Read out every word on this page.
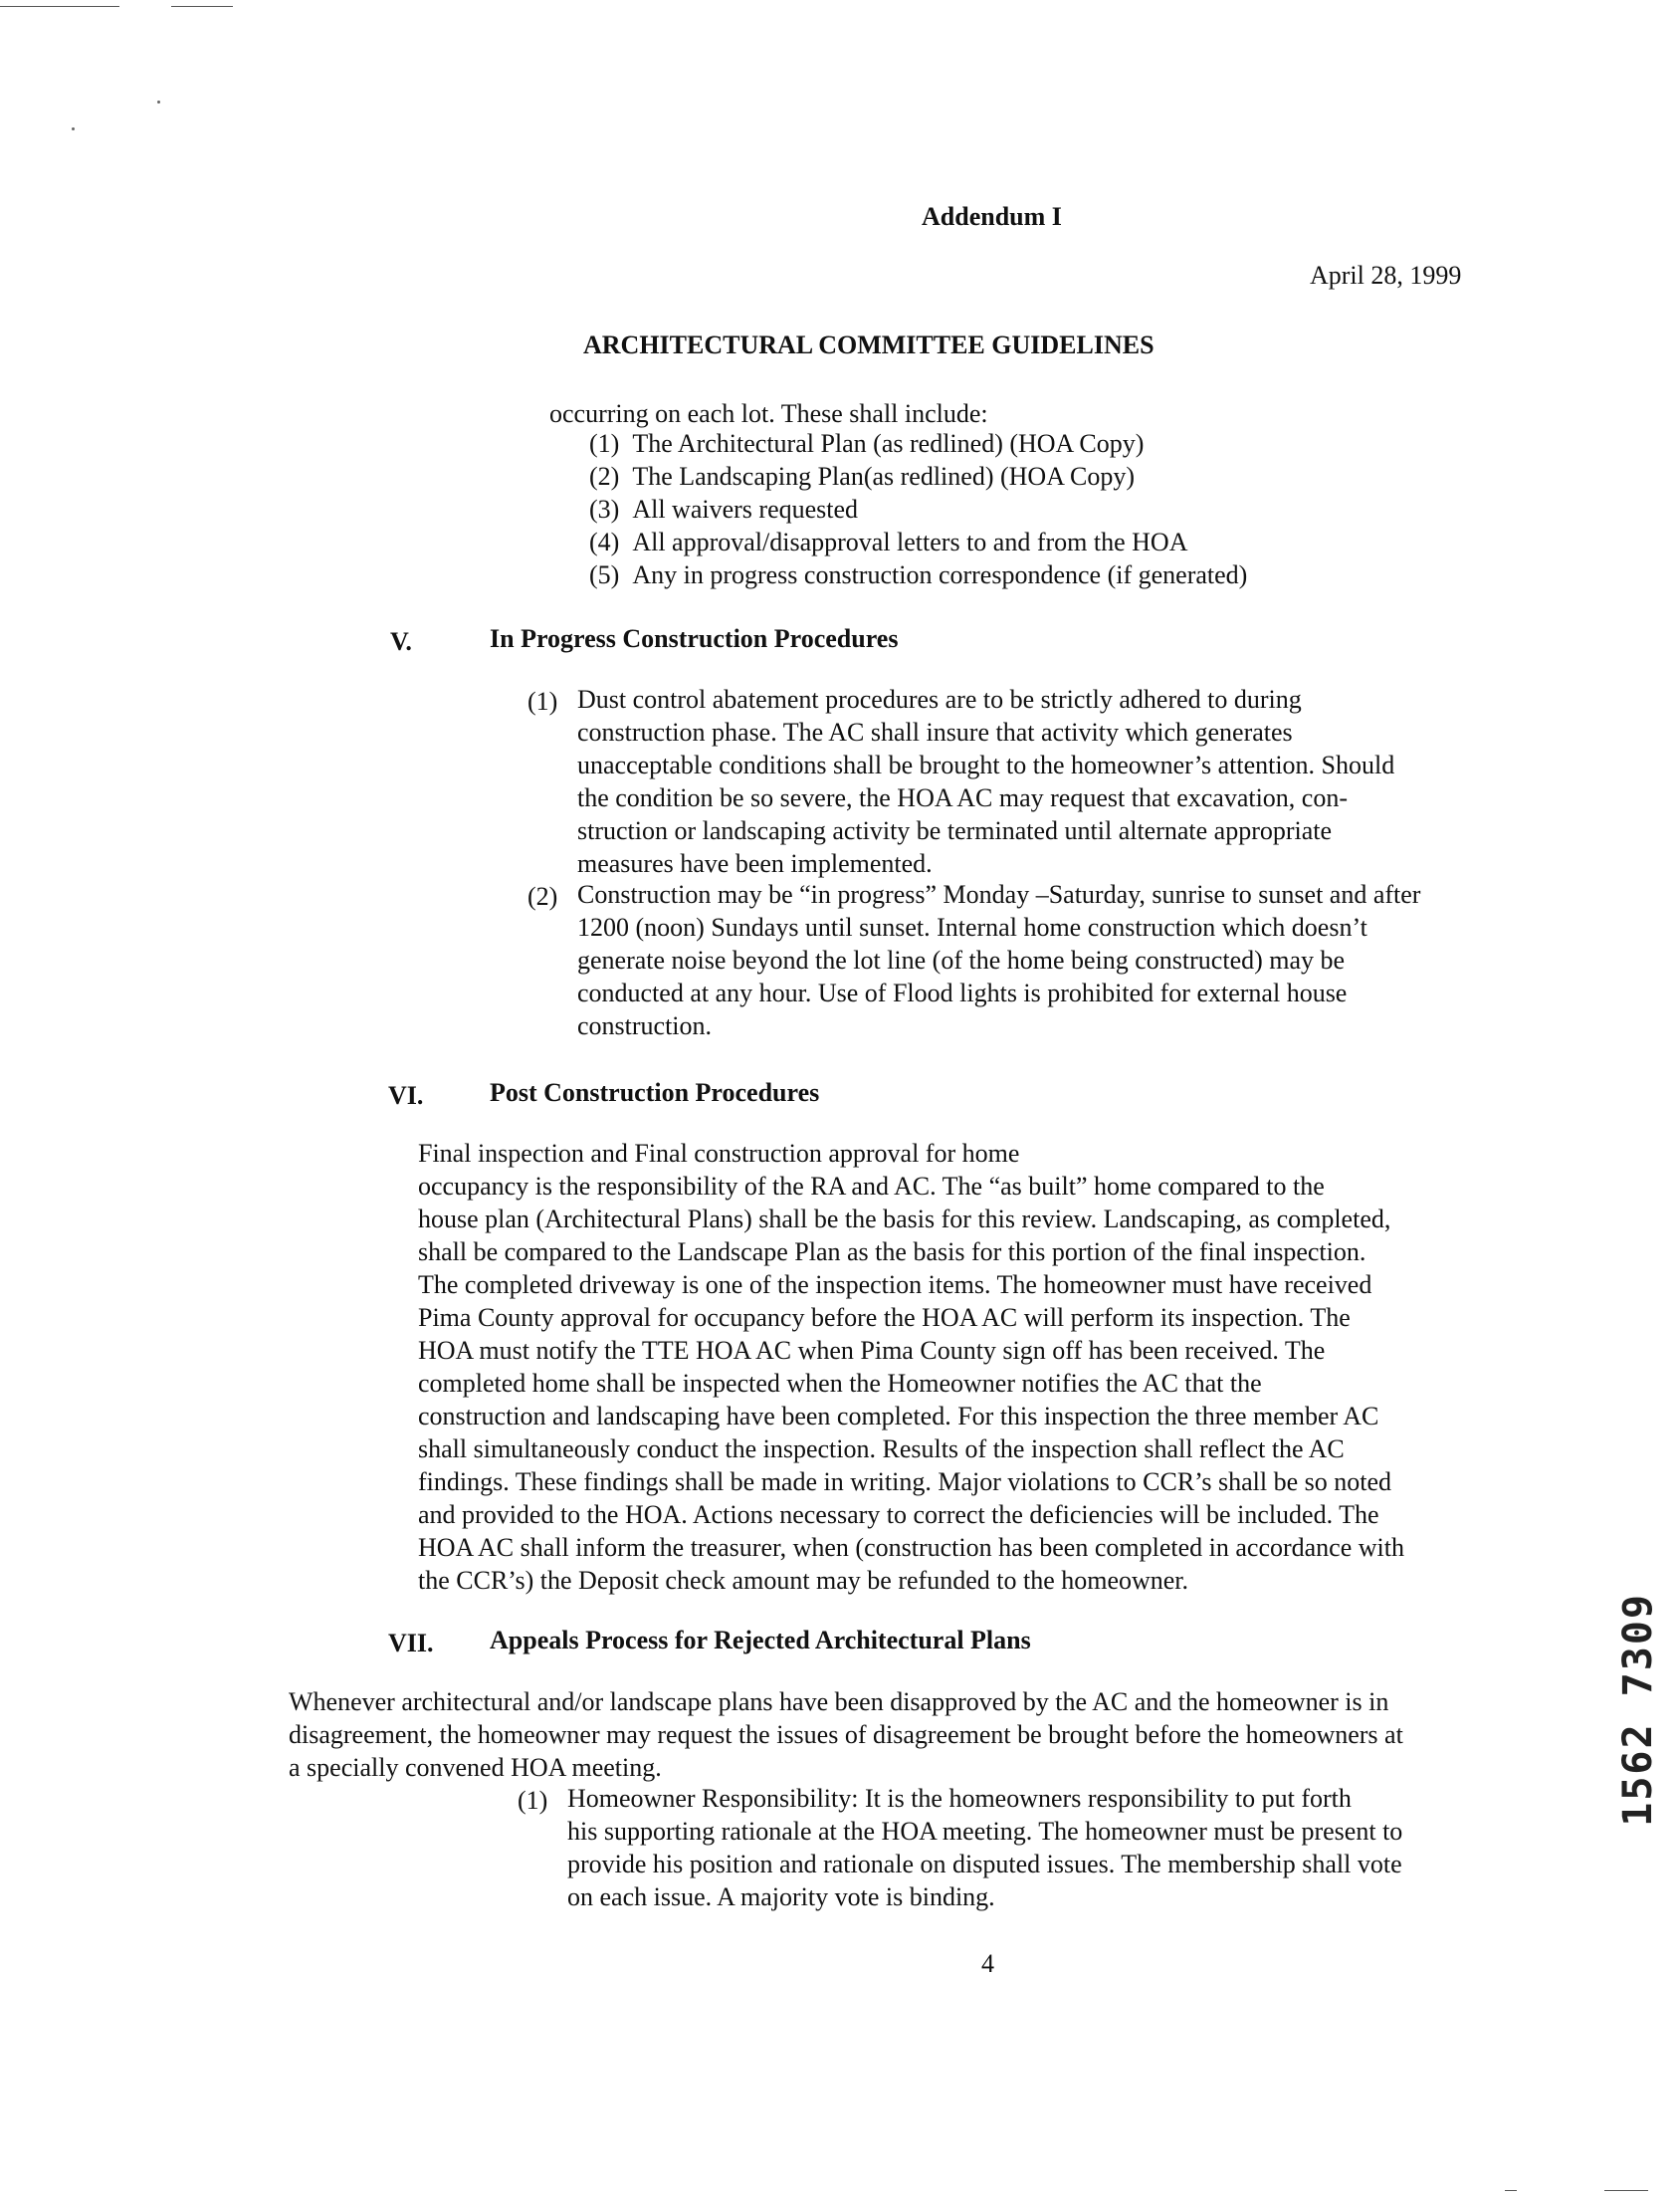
Addendum I
April 28, 1999
ARCHITECTURAL COMMITTEE GUIDELINES
occurring on each lot. These shall include:
(1) The Architectural Plan (as redlined) (HOA Copy)
(2) The Landscaping Plan(as redlined) (HOA Copy)
(3) All waivers requested
(4) All approval/disapproval letters to and from the HOA
(5) Any in progress construction correspondence (if generated)
V.	In Progress Construction Procedures
(1) Dust control abatement procedures are to be strictly adhered to during
construction phase. The AC shall insure that activity which generates
unacceptable conditions shall be brought to the homeowner’s attention. Should
the condition be so severe, the HOA AC may request that excavation, con-
struction or landscaping activity be terminated until alternate appropriate
measures have been implemented.
(2) Construction may be “in progress” Monday –Saturday, sunrise to sunset and after
1200 (noon) Sundays until sunset. Internal home construction which doesn’t
generate noise beyond the lot line (of the home being constructed) may be
conducted at any hour. Use of Flood lights is prohibited for external house
construction.
VI.	Post Construction Procedures
Final inspection and Final construction approval for home
occupancy is the responsibility of the RA and AC. The “as built” home compared to the
house plan (Architectural Plans) shall be the basis for this review. Landscaping, as completed,
shall be compared to the Landscape Plan as the basis for this portion of the final inspection.
The completed driveway is one of the inspection items. The homeowner must have received
Pima County approval for occupancy before the HOA AC will perform its inspection. The
HOA must notify the TTE HOA AC when Pima County sign off has been received. The
completed home shall be inspected when the Homeowner notifies the AC that the
construction and landscaping have been completed. For this inspection the three member AC
shall simultaneously conduct the inspection. Results of the inspection shall reflect the AC
findings. These findings shall be made in writing. Major violations to CCR’s shall be so noted
and provided to the HOA. Actions necessary to correct the deficiencies will be included. The
HOA AC shall inform the treasurer, when (construction has been completed in accordance with
the CCR’s) the Deposit check amount may be refunded to the homeowner.
VII. Appeals Process for Rejected Architectural Plans
Whenever architectural and/or landscape plans have been disapproved by the AC and the homeowner is in
disagreement, the homeowner may request the issues of disagreement be brought before the homeowners at
a specially convened HOA meeting.
(1) Homeowner Responsibility: It is the homeowners responsibility to put forth
his supporting rationale at the HOA meeting. The homeowner must be present to
provide his position and rationale on disputed issues. The membership shall vote
on each issue. A majority vote is binding.
4
1562 7309
